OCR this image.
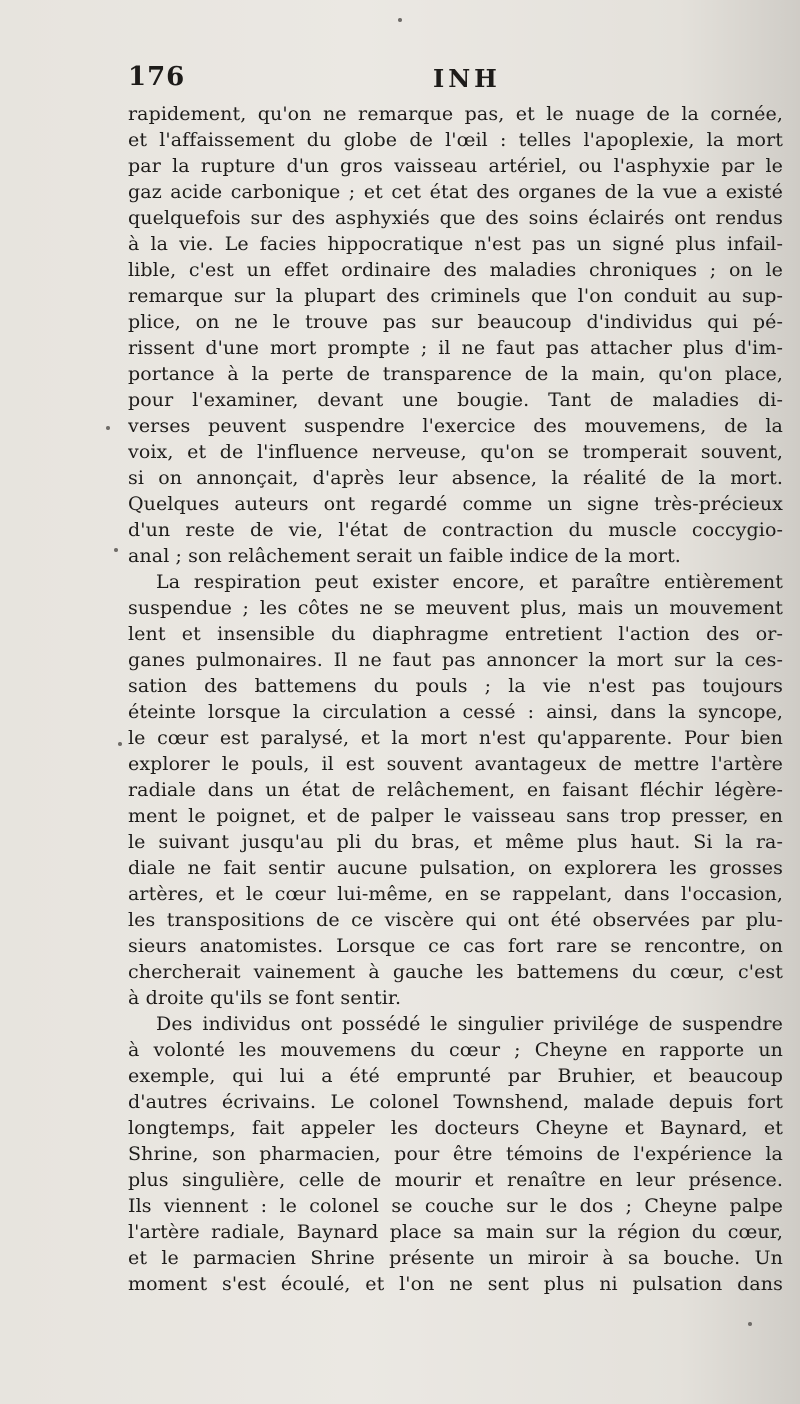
176	INH
rapidement, qu'on ne remarque pas, et le nuage de la cornée,
et l'affaissement du globe de l'œil : telles l'apoplexie, la mort
par la rupture d'un gros vaisseau artériel, ou l'asphyxie par le
gaz acide carbonique ; et cet état des organes de la vue a existé
quelquefois sur des asphyxiés que des soins éclairés ont rendus
à la vie. Le facies hippocratique n'est pas un signé plus infail-
lible, c'est un effet ordinaire des maladies chroniques ; on le
remarque sur la plupart des criminels que l'on conduit au sup-
plice, on ne le trouve pas sur beaucoup d'individus qui pé-
rissent d'une mort prompte ; il ne faut pas attacher plus d'im-
portance à la perte de transparence de la main, qu'on place,
pour l'examiner, devant une bougie. Tant de maladies di-
verses peuvent suspendre l'exercice des mouvemens, de la
voix, et de l'influence nerveuse, qu'on se tromperait souvent,
si on annonçait, d'après leur absence, la réalité de la mort.
Quelques auteurs ont regardé comme un signe très-précieux
d'un reste de vie, l'état de contraction du muscle coccygio-
anal ; son relâchement serait un faible indice de la mort.
La respiration peut exister encore, et paraître entièrement
suspendue ; les côtes ne se meuvent plus, mais un mouvement
lent et insensible du diaphragme entretient l'action des or-
ganes pulmonaires. Il ne faut pas annoncer la mort sur la ces-
sation des battemens du pouls ; la vie n'est pas toujours
éteinte lorsque la circulation a cessé : ainsi, dans la syncope,
le cœur est paralysé, et la mort n'est qu'apparente. Pour bien
explorer le pouls, il est souvent avantageux de mettre l'artère
radiale dans un état de relâchement, en faisant fléchir légère-
ment le poignet, et de palper le vaisseau sans trop presser, en
le suivant jusqu'au pli du bras, et même plus haut. Si la ra-
diale ne fait sentir aucune pulsation, on explorera les grosses
artères, et le cœur lui-même, en se rappelant, dans l'occasion,
les transpositions de ce viscère qui ont été observées par plu-
sieurs anatomistes. Lorsque ce cas fort rare se rencontre, on
chercherait vainement à gauche les battemens du cœur, c'est
à droite qu'ils se font sentir.
Des individus ont possédé le singulier privilége de suspendre
à volonté les mouvemens du cœur ; Cheyne en rapporte un
exemple, qui lui a été emprunté par Bruhier, et beaucoup
d'autres écrivains. Le colonel Townshend, malade depuis fort
longtemps, fait appeler les docteurs Cheyne et Baynard, et
Shrine, son pharmacien, pour être témoins de l'expérience la
plus singulière, celle de mourir et renaître en leur présence.
Ils viennent : le colonel se couche sur le dos ; Cheyne palpe
l'artère radiale, Baynard place sa main sur la région du cœur,
et le parmacien Shrine présente un miroir à sa bouche. Un
moment s'est écoulé, et l'on ne sent plus ni pulsation dans
